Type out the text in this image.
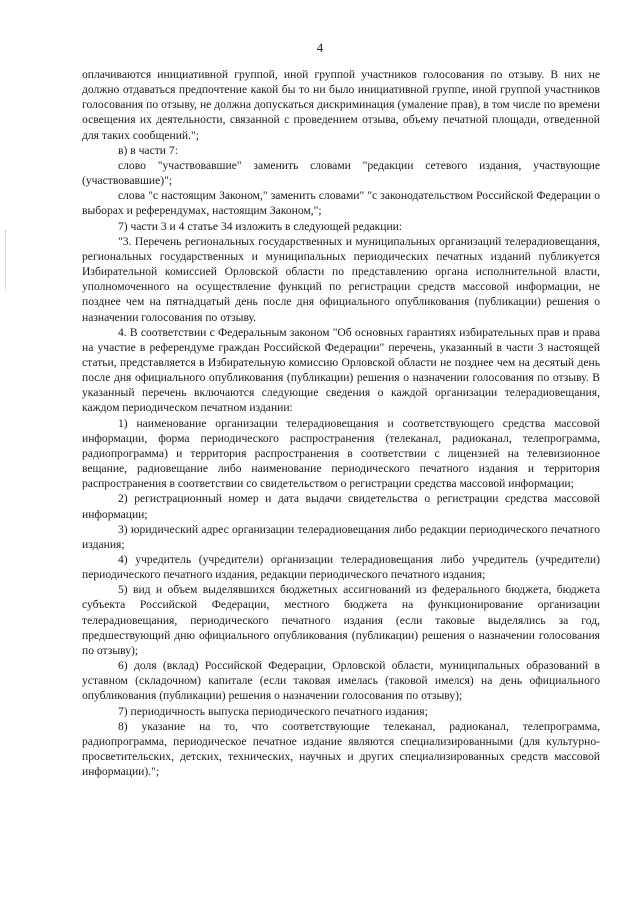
4

оплачиваются инициативной группой, иной группой участников голосования по отзыву. В них не должно отдаваться предпочтение какой бы то ни было инициативной группе, иной группой участников голосования по отзыву, не должна допускаться дискриминация (умаление прав), в том числе по времени освещения их деятельности, связанной с проведением отзыва, объему печатной площади, отведенной для таких сообщений.";

в) в части 7:

слово "участвовавшие" заменить словами "редакции сетевого издания, участвующие (участвовавшие)";

слова "с настоящим Законом," заменить словами" "с законодательством Российской Федерации о выборах и референдумах, настоящим Законом,";

7) части 3 и 4 статье 34 изложить в следующей редакции:

"3. Перечень региональных государственных и муниципальных организаций телерадиовещания, региональных государственных и муниципальных периодических печатных изданий публикуется Избирательной комиссией Орловской области по представлению органа исполнительной власти, уполномоченного на осуществление функций по регистрации средств массовой информации, не позднее чем на пятнадцатый день после дня официального опубликования (публикации) решения о назначении голосования по отзыву.

4. В соответствии с Федеральным законом "Об основных гарантиях избирательных прав и права на участие в референдуме граждан Российской Федерации" перечень, указанный в части 3 настоящей статьи, представляется в Избирательную комиссию Орловской области не позднее чем на десятый день после дня официального опубликования (публикации) решения о назначении голосования по отзыву. В указанный перечень включаются следующие сведения о каждой организации телерадиовещания, каждом периодическом печатном издании:

1) наименование организации телерадиовещания и соответствующего средства массовой информации, форма периодического распространения (телеканал, радиоканал, телепрограмма, радиопрограмма) и территория распространения в соответствии с лицензией на телевизионное вещание, радиовещание либо наименование периодического печатного издания и территория распространения в соответствии со свидетельством о регистрации средства массовой информации;

2) регистрационный номер и дата выдачи свидетельства о регистрации средства массовой информации;

3) юридический адрес организации телерадиовещания либо редакции периодического печатного издания;

4) учредитель (учредители) организации телерадиовещания либо учредитель (учредители) периодического печатного издания, редакции периодического печатного издания;

5) вид и объем выделявшихся бюджетных ассигнований из федерального бюджета, бюджета субъекта Российской Федерации, местного бюджета на функционирование организации телерадиовещания, периодического печатного издания (если таковые выделялись за год, предшествующий дню официального опубликования (публикации) решения о назначении голосования по отзыву);

6) доля (вклад) Российской Федерации, Орловской области, муниципальных образований в уставном (складочном) капитале (если таковая имелась (таковой имелся) на день официального опубликования (публикации) решения о назначении голосования по отзыву);

7) периодичность выпуска периодического печатного издания;

8) указание на то, что соответствующие телеканал, радиоканал, телепрограмма, радиопрограмма, периодическое печатное издание являются специализированными (для культурно-просветительских, детских, технических, научных и других специализированных средств массовой информации).";
